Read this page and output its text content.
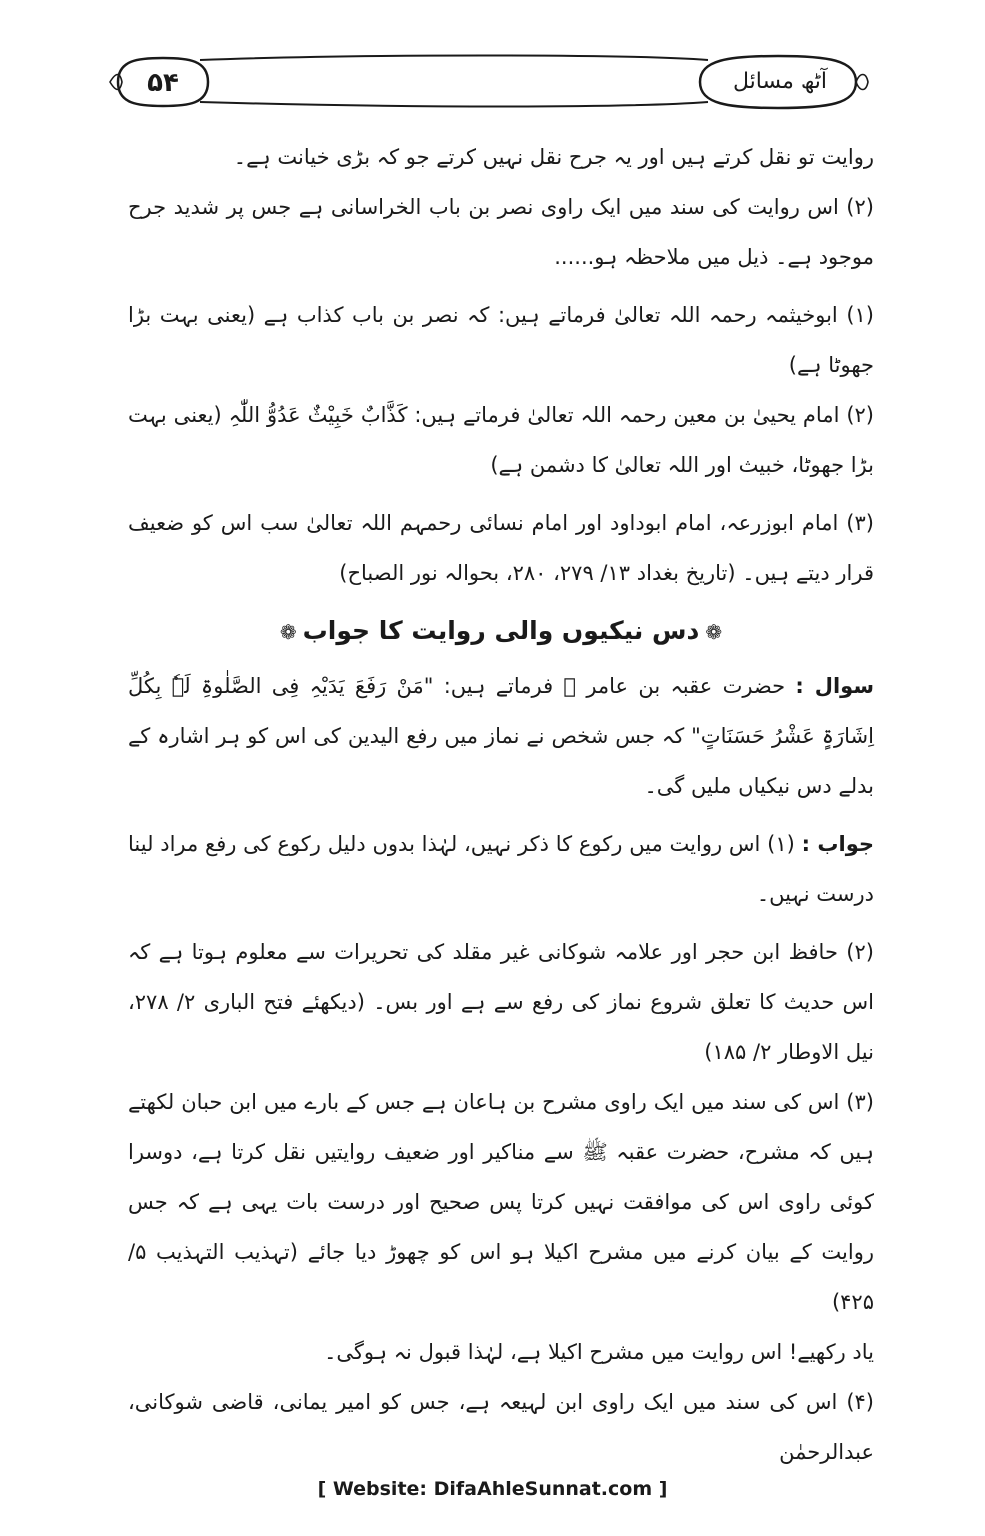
۵۴	آٹھ مسائل

روایت تو نقل کرتے ہیں اور یہ جرح نقل نہیں کرتے جو کہ بڑی خیانت ہے۔

(۲) اس روایت کی سند میں ایک راوی نصر بن باب الخراسانی ہے جس پر شدید جرح موجود ہے۔ ذیل میں ملاحظہ ہو......

(۱) ابوخیثمہ رحمہ اللہ تعالیٰ فرماتے ہیں: کہ نصر بن باب کذاب ہے (یعنی بہت بڑا جھوٹا ہے)

(۲) امام یحییٰ بن معین رحمہ اللہ تعالیٰ فرماتے ہیں: کَذَّابٌ خَبِیْثٌ عَدُوُّ اللّٰہِ (یعنی بہت بڑا جھوٹا، خبیث اور اللہ تعالیٰ کا دشمن ہے)

(۳) امام ابوزرعہ، امام ابوداود اور امام نسائی رحمہم اللہ تعالیٰ سب اس کو ضعیف قرار دیتے ہیں۔ (تاریخ بغداد ۱۳/ ۲۷۹، ۲۸۰، بحوالہ نور الصباح)

❁دس نیکیوں والی روایت کا جواب❁

سوال : حضرت عقبہ بن عامر ﷺ فرماتے ہیں: "مَنْ رَفَعَ یَدَیْہِ فِی الصَّلٰوۃِ لَہٗ بِکُلِّ اِشَارَۃٍ عَشْرُ حَسَنَاتٍ" کہ جس شخص نے نماز میں رفع الیدین کی اس کو ہر اشارہ کے بدلے دس نیکیاں ملیں گی۔

جواب : (۱) اس روایت میں رکوع کا ذکر نہیں، لہٰذا بدوں دلیل رکوع کی رفع مراد لینا درست نہیں۔

(۲) حافظ ابن حجر اور علامہ شوکانی غیر مقلد کی تحریرات سے معلوم ہوتا ہے کہ اس حدیث کا تعلق شروع نماز کی رفع سے ہے اور بس۔ (دیکھئے فتح الباری ۲/ ۲۷۸، نیل الاوطار ۲/ ۱۸۵)

(۳) اس کی سند میں ایک راوی مشرح بن ہاعان ہے جس کے بارے میں ابن حبان لکھتے ہیں کہ مشرح، حضرت عقبہ ﷺ سے مناکیر اور ضعیف روایتیں نقل کرتا ہے، دوسرا کوئی راوی اس کی موافقت نہیں کرتا پس صحیح اور درست بات یہی ہے کہ جس روایت کے بیان کرنے میں مشرح اکیلا ہو اس کو چھوڑ دیا جائے (تہذیب التہذیب ۵/ ۴۲۵)

یاد رکھیے! اس روایت میں مشرح اکیلا ہے، لہٰذا قبول نہ ہوگی۔

(۴) اس کی سند میں ایک راوی ابن لہیعہ ہے، جس کو امیر یمانی، قاضی شوکانی، عبدالرحمٰن

[ Website: DifaAhleSunnat.com ]
